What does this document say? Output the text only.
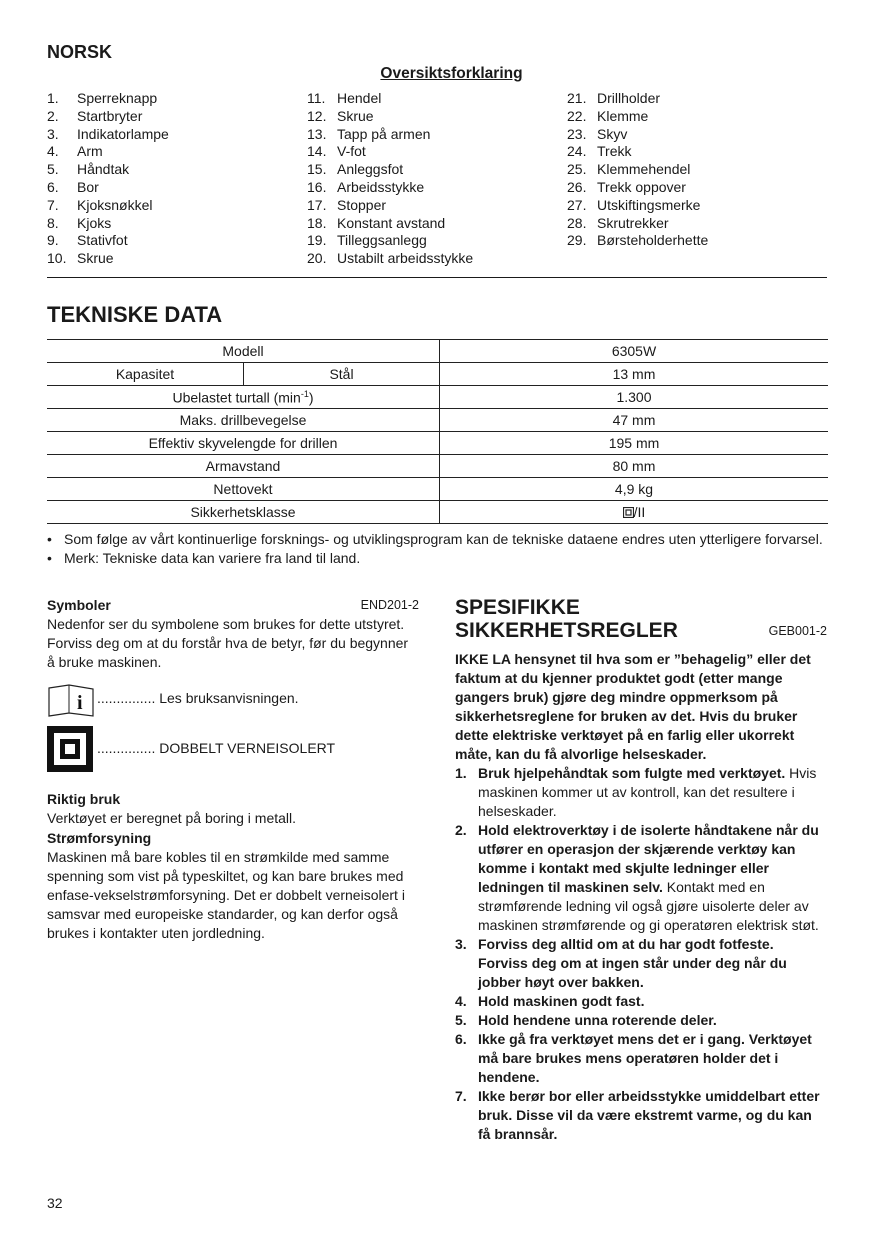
NORSK
Oversiktsforklaring
1. Sperreknapp
2. Startbryter
3. Indikatorlampe
4. Arm
5. Håndtak
6. Bor
7. Kjoksnøkkel
8. Kjoks
9. Stativfot
10. Skrue
11. Hendel
12. Skrue
13. Tapp på armen
14. V-fot
15. Anleggsfot
16. Arbeidsstykke
17. Stopper
18. Konstant avstand
19. Tilleggsanlegg
20. Ustabilt arbeidsstykke
21. Drillholder
22. Klemme
23. Skyv
24. Trekk
25. Klemmehendel
26. Trekk oppover
27. Utskiftingsmerke
28. Skrutrekker
29. Børsteholderhette
TEKNISKE DATA
Modell		6305W
Kapasitet	Stål	13 mm
Ubelastet turtall $(\min^{-1})$		1.300
Maks. drillbevegelse		47 mm
Effektiv skyvelengde for drillen		195 mm
Armavstand		80 mm
Nettovekt		4,9 kg
Sikkerhetsklasse		/II
• Som følge av vårt kontinuerlige forsknings- og utviklingsprogram kan de tekniske dataene endres uten ytterligere forvarsel.
• Merk: Tekniske data kan variere fra land til land.
Symboler	END201-2
Nedenfor ser du symbolene som brukes for dette utstyret. Forviss deg om at du forstår hva de betyr, før du begynner å bruke maskinen.
i ............... Les bruksanvisningen.
............... DOBBELT VERNEISOLERT
Riktig bruk
Verktøyet er beregnet på boring i metall.
Strømforsyning
Maskinen må bare kobles til en strømkilde med samme spenning som vist på typeskiltet, og kan bare brukes med enfase-vekselstrømforsyning. Det er dobbelt verneisolert i samsvar med europeiske standarder, og kan derfor også brukes i kontakter uten jordledning.
SPESIFIKKE
SIKKERHETSREGLER	GEB001-2
IKKE LA hensynet til hva som er ”behagelig” eller det faktum at du kjenner produktet godt (etter mange gangers bruk) gjøre deg mindre oppmerksom på sikkerhetsreglene for bruken av det. Hvis du bruker dette elektriske verktøyet på en farlig eller ukorrekt måte, kan du få alvorlige helseskader.
1. Bruk hjelpehåndtak som fulgte med verktøyet. Hvis maskinen kommer ut av kontroll, kan det resultere i helseskader.
2. Hold elektroverktøy i de isolerte håndtakene når du utfører en operasjon der skjærende verktøy kan komme i kontakt med skjulte ledninger eller ledningen til maskinen selv. Kontakt med en strømførende ledning vil også gjøre uisolerte deler av maskinen strømførende og gi operatøren elektrisk støt.
3. Forviss deg alltid om at du har godt fotfeste. Forviss deg om at ingen står under deg når du jobber høyt over bakken.
4. Hold maskinen godt fast.
5. Hold hendene unna roterende deler.
6. Ikke gå fra verktøyet mens det er i gang. Verktøyet må bare brukes mens operatøren holder det i hendene.
7. Ikke berør bor eller arbeidsstykke umiddelbart etter bruk. Disse vil da være ekstremt varme, og du kan få brannsår.
32
